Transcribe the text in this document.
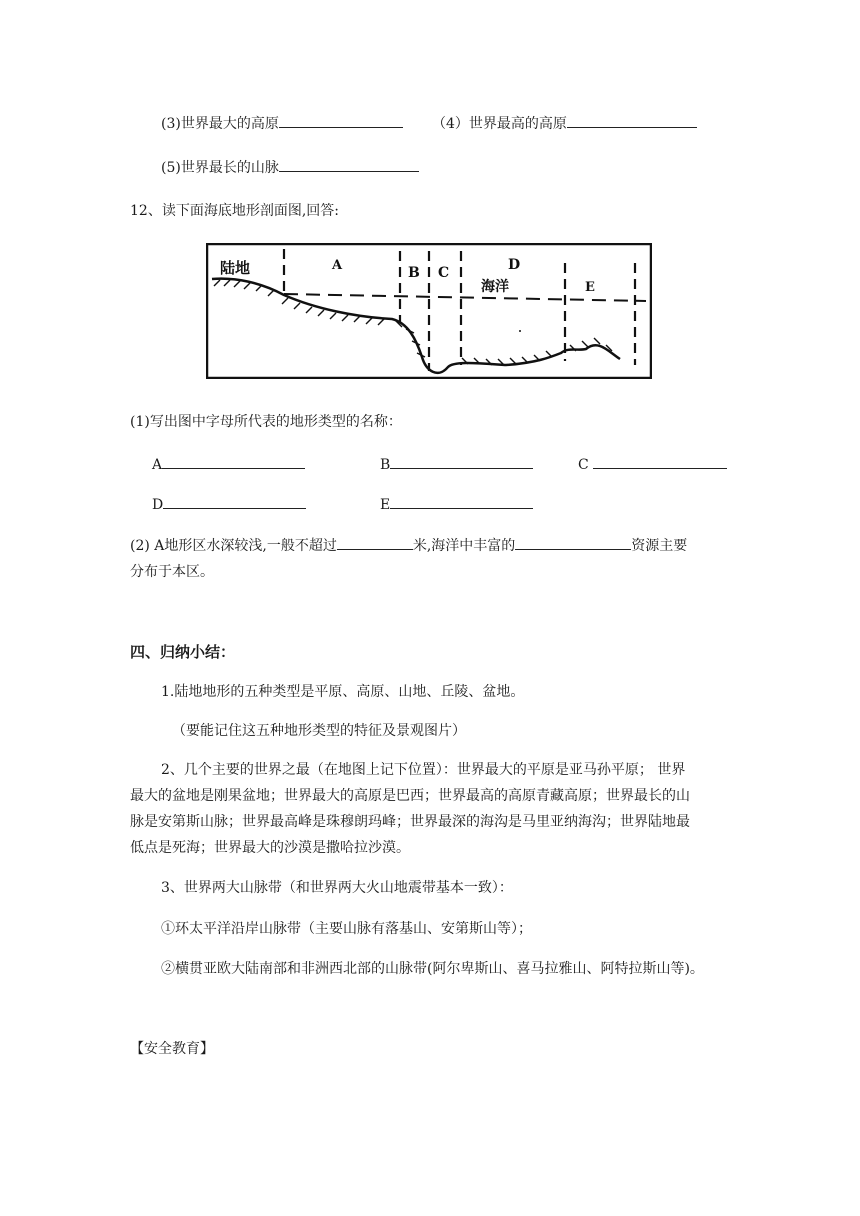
(3)世界最大的高原	（4）世界最高的高原
(5)世界最长的山脉
12、读下面海底地形剖面图,回答:
陆地	A	B C	D
海洋	E
(1)写出图中字母所代表的地形类型的名称：
A	B	C
D	E
(2) A地形区水深较浅,一般不超过	米,海洋中丰富的	资源主要
分布于本区。
四、归纳小结：
1.陆地地形的五种类型是平原、高原、山地、丘陵、盆地。
（要能记住这五种地形类型的特征及景观图片）
2、几个主要的世界之最（在地图上记下位置）：世界最大的平原是亚马孙平原； 世界
最大的盆地是刚果盆地；世界最大的高原是巴西；世界最高的高原青藏高原；世界最长的山
脉是安第斯山脉；世界最高峰是珠穆朗玛峰；世界最深的海沟是马里亚纳海沟；世界陆地最
低点是死海；世界最大的沙漠是撒哈拉沙漠。
3、世界两大山脉带（和世界两大火山地震带基本一致）：
①环太平洋沿岸山脉带（主要山脉有落基山、安第斯山等）；
②横贯亚欧大陆南部和非洲西北部的山脉带(阿尔卑斯山、喜马拉雅山、阿特拉斯山等)。
【安全教育】
